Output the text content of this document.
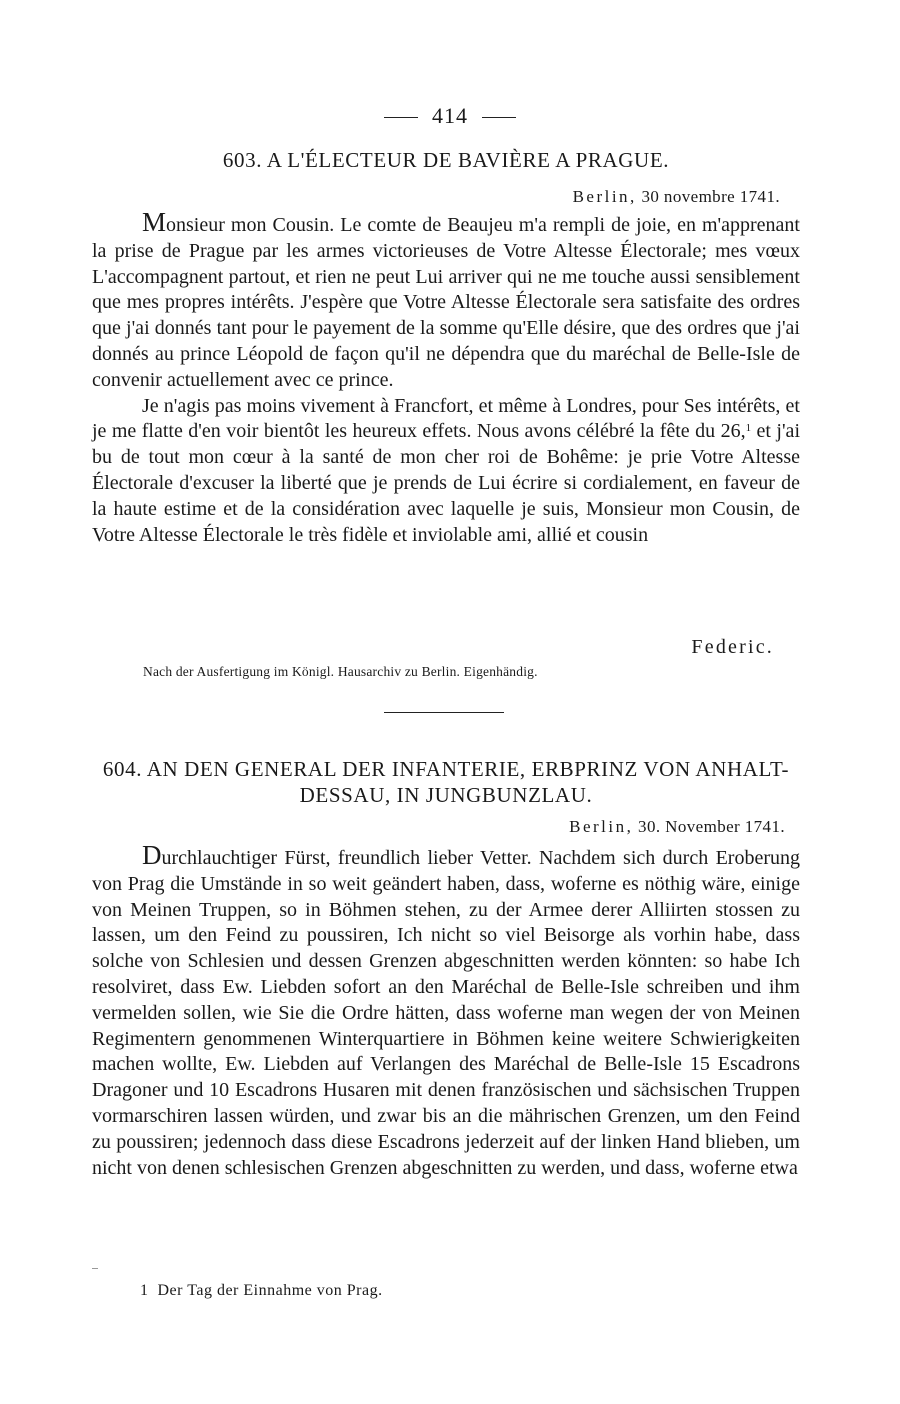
414
603. A L'ÉLECTEUR DE BAVIÈRE A PRAGUE.
Berlin, 30 novembre 1741.

Monsieur mon Cousin. Le comte de Beaujeu m'a rempli de joie, en m'apprenant la prise de Prague par les armes victorieuses de Votre Altesse Électorale; mes vœux L'accompagnent partout, et rien ne peut Lui arriver qui ne me touche aussi sensiblement que mes propres intérêts. J'espère que Votre Altesse Électorale sera satisfaite des ordres que j'ai donnés tant pour le payement de la somme qu'Elle désire, que des ordres que j'ai donnés au prince Léopold de façon qu'il ne dépendra que du maréchal de Belle-Isle de convenir actuellement avec ce prince.

Je n'agis pas moins vivement à Francfort, et même à Londres, pour Ses intérêts, et je me flatte d'en voir bientôt les heureux effets. Nous avons célébré la fête du 26,$^1$ et j'ai bu de tout mon cœur à la santé de mon cher roi de Bohême: je prie Votre Altesse Électorale d'excuser la liberté que je prends de Lui écrire si cordialement, en faveur de la haute estime et de la considération avec laquelle je suis, Monsieur mon Cousin, de Votre Altesse Électorale le très fidèle et inviolable ami, allié et cousin

Federic.
Nach der Ausfertigung im Königl. Hausarchiv zu Berlin. Eigenhändig.
604. AN DEN GENERAL DER INFANTERIE, ERBPRINZ VON ANHALT-DESSAU, IN JUNGBUNZLAU.
Berlin, 30. November 1741.

Durchlauchtiger Fürst, freundlich lieber Vetter. Nachdem sich durch Eroberung von Prag die Umstände in so weit geändert haben, dass, woferne es nöthig wäre, einige von Meinen Truppen, so in Böhmen stehen, zu der Armee derer Alliirten stossen zu lassen, um den Feind zu poussiren, Ich nicht so viel Beisorge als vorhin habe, dass solche von Schlesien und dessen Grenzen abgeschnitten werden könnten: so habe Ich resolviret, dass Ew. Liebden sofort an den Maréchal de Belle-Isle schreiben und ihm vermelden sollen, wie Sie die Ordre hätten, dass woferne man wegen der von Meinen Regimentern genommenen Winterquartiere in Böhmen keine weitere Schwierigkeiten machen wollte, Ew. Liebden auf Verlangen des Maréchal de Belle-Isle 15 Escadrons Dragoner und 10 Escadrons Husaren mit denen französischen und sächsischen Truppen vormarschiren lassen würden, und zwar bis an die mährischen Grenzen, um den Feind zu poussiren; jedennoch dass diese Escadrons jederzeit auf der linken Hand blieben, um nicht von denen schlesischen Grenzen abgeschnitten zu werden, und dass, woferne etwa

1 Der Tag der Einnahme von Prag.
